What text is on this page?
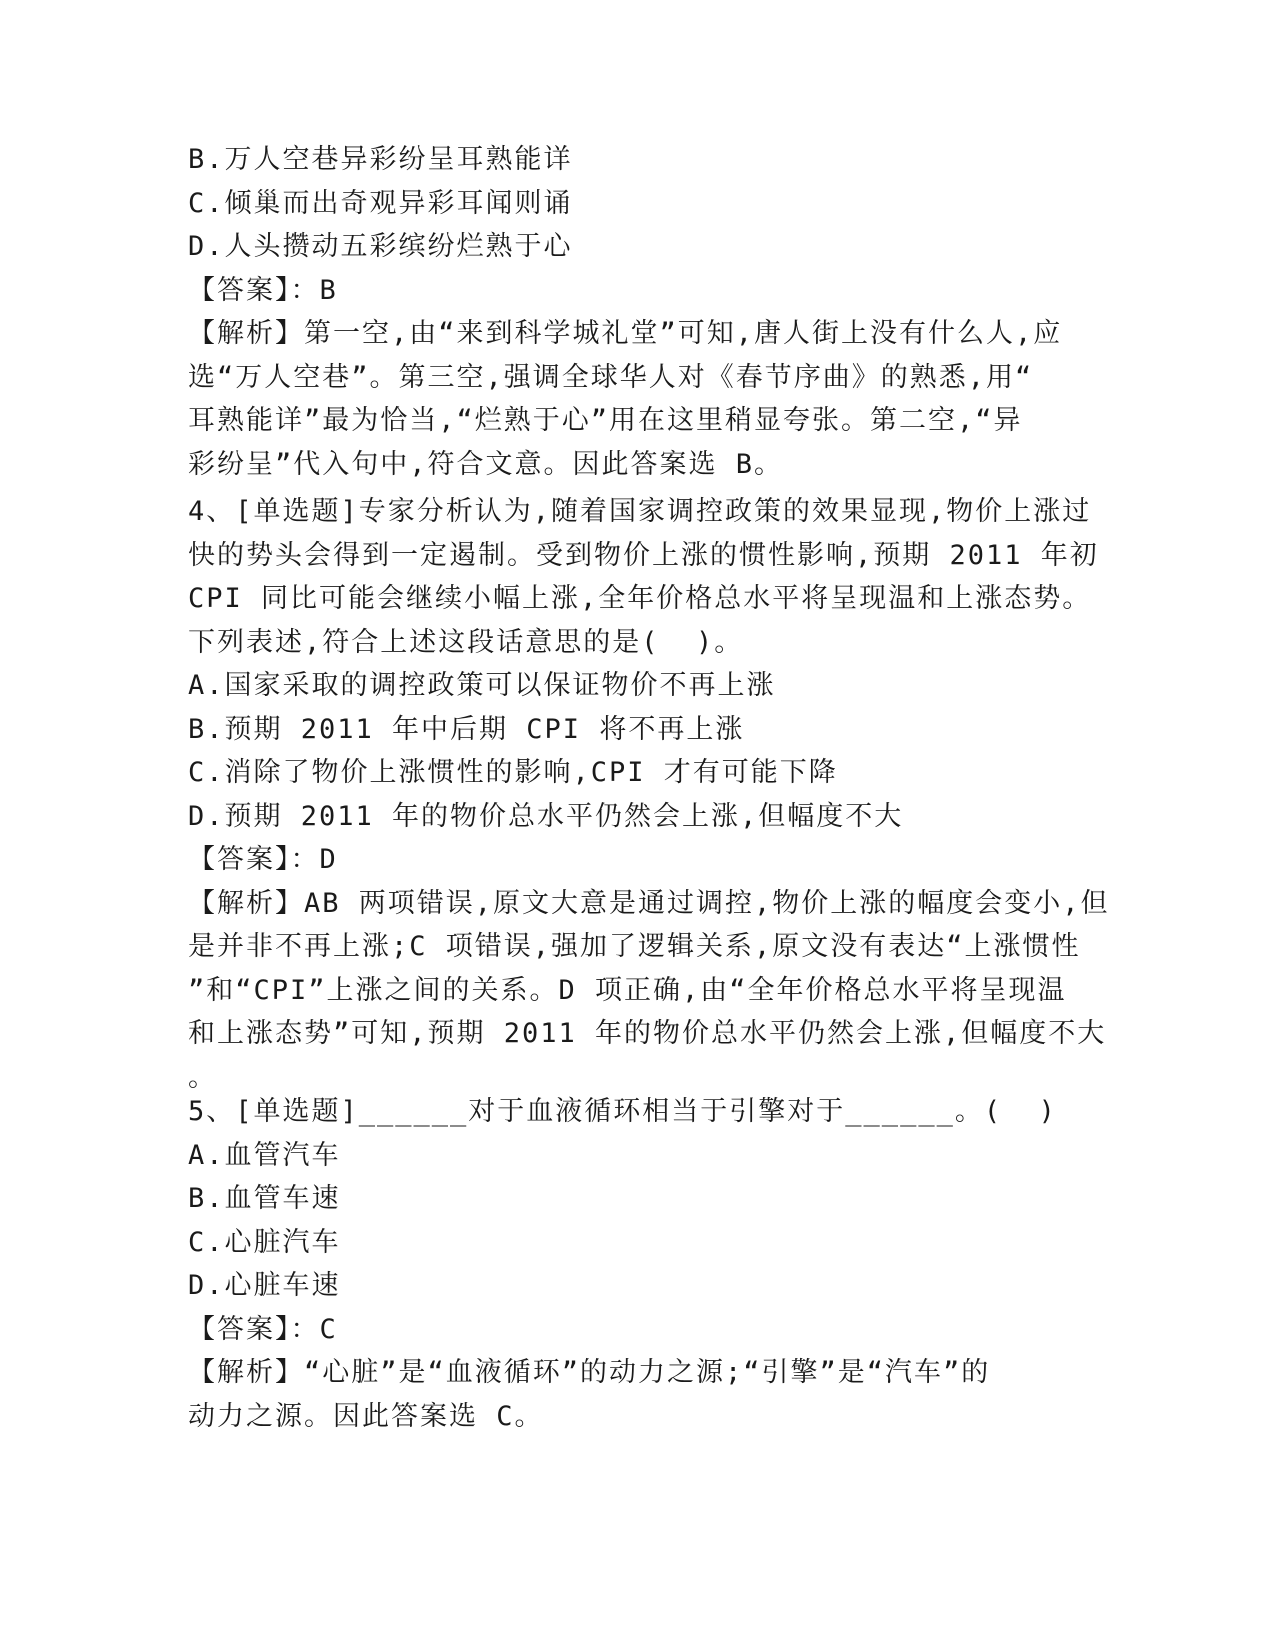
B.万人空巷异彩纷呈耳熟能详
C.倾巢而出奇观异彩耳闻则诵
D.人头攒动五彩缤纷烂熟于心
【答案】：B
【解析】第一空,由“来到科学城礼堂”可知,唐人街上没有什么人,应
选“万人空巷”。第三空,强调全球华人对《春节序曲》的熟悉,用“
耳熟能详”最为恰当,“烂熟于心”用在这里稍显夸张。第二空,“异
彩纷呈”代入句中,符合文意。因此答案选 B。
4、[单选题]专家分析认为,随着国家调控政策的效果显现,物价上涨过
快的势头会得到一定遏制。受到物价上涨的惯性影响,预期 2011 年初
CPI 同比可能会继续小幅上涨,全年价格总水平将呈现温和上涨态势。
下列表述,符合上述这段话意思的是(  )。
A.国家采取的调控政策可以保证物价不再上涨
B.预期 2011 年中后期 CPI 将不再上涨
C.消除了物价上涨惯性的影响,CPI 才有可能下降
D.预期 2011 年的物价总水平仍然会上涨,但幅度不大
【答案】：D
【解析】AB 两项错误,原文大意是通过调控,物价上涨的幅度会变小,但
是并非不再上涨;C 项错误,强加了逻辑关系,原文没有表达“上涨惯性
”和“CPI”上涨之间的关系。D 项正确,由“全年价格总水平将呈现温
和上涨态势”可知,预期 2011 年的物价总水平仍然会上涨,但幅度不大
。
5、[单选题]______对于血液循环相当于引擎对于______。(  )
A.血管汽车
B.血管车速
C.心脏汽车
D.心脏车速
【答案】：C
【解析】“心脏”是“血液循环”的动力之源;“引擎”是“汽车”的
动力之源。因此答案选 C。
